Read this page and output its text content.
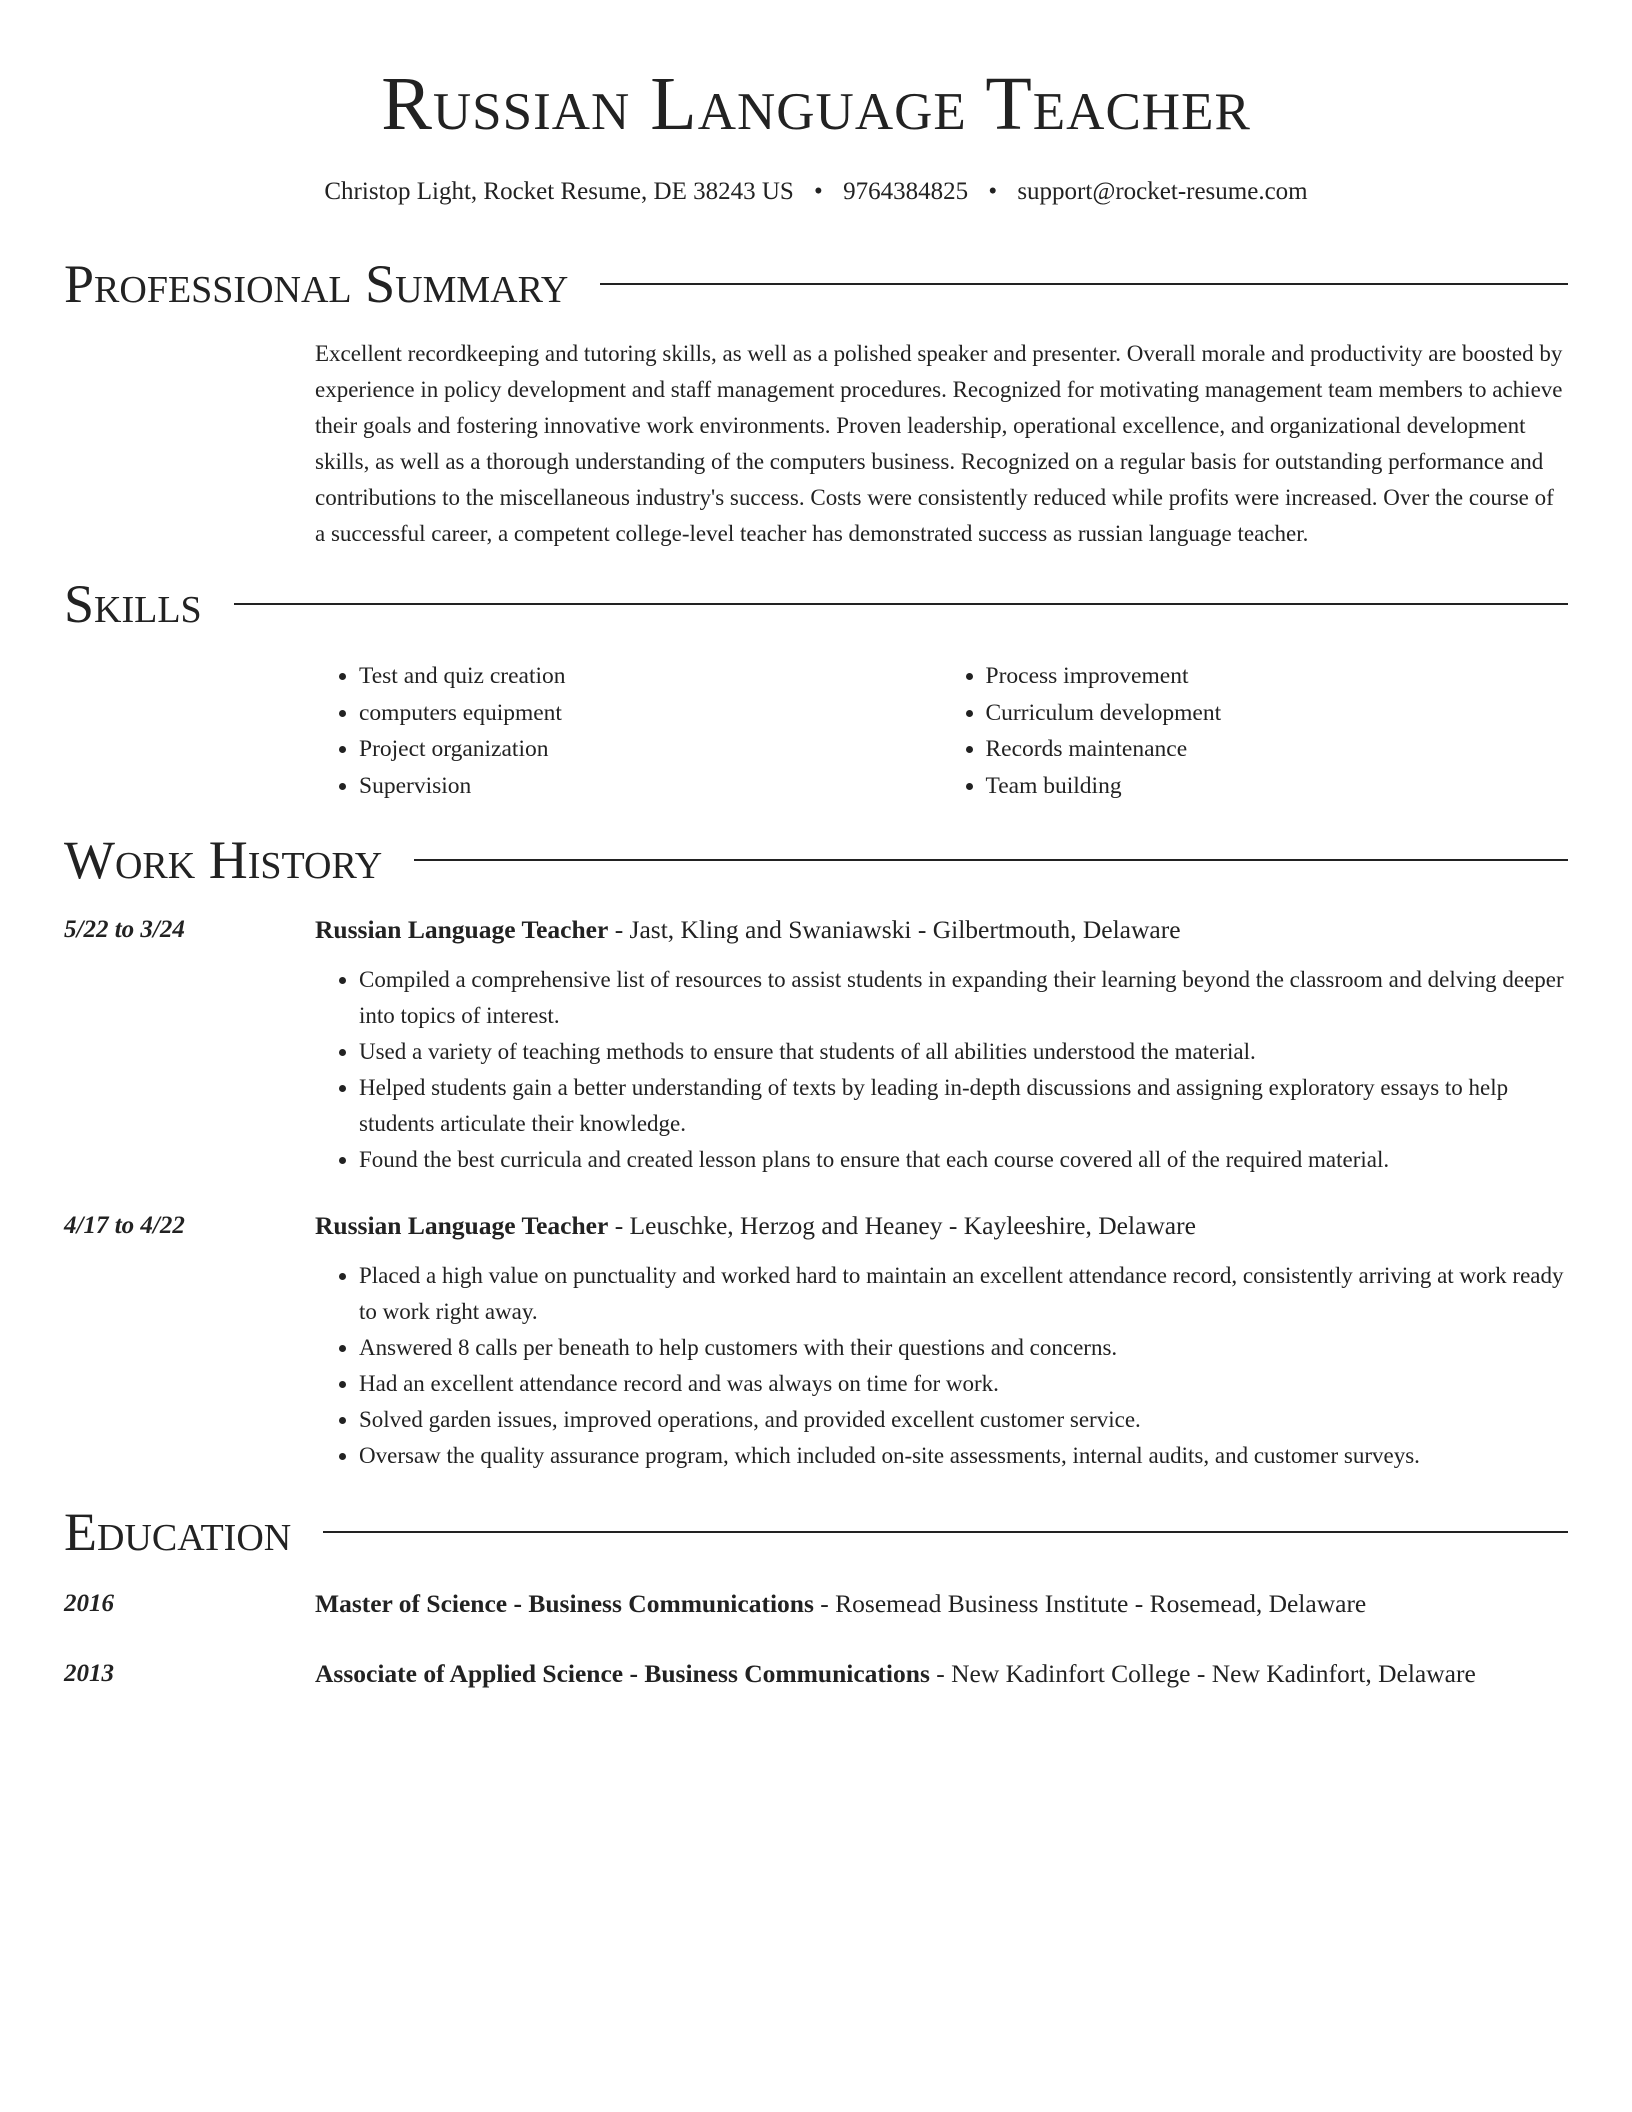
Russian Language Teacher
Christop Light, Rocket Resume, DE 38243 US • 9764384825 • support@rocket-resume.com
Professional Summary
Excellent recordkeeping and tutoring skills, as well as a polished speaker and presenter. Overall morale and productivity are boosted by experience in policy development and staff management procedures. Recognized for motivating management team members to achieve their goals and fostering innovative work environments. Proven leadership, operational excellence, and organizational development skills, as well as a thorough understanding of the computers business. Recognized on a regular basis for outstanding performance and contributions to the miscellaneous industry's success. Costs were consistently reduced while profits were increased. Over the course of a successful career, a competent college-level teacher has demonstrated success as russian language teacher.
Skills
• Test and quiz creation
• computers equipment
• Project organization
• Supervision
• Process improvement
• Curriculum development
• Records maintenance
• Team building
Work History
5/22 to 3/24	Russian Language Teacher - Jast, Kling and Swaniawski - Gilbertmouth, Delaware
• Compiled a comprehensive list of resources to assist students in expanding their learning beyond the classroom and delving deeper into topics of interest.
• Used a variety of teaching methods to ensure that students of all abilities understood the material.
• Helped students gain a better understanding of texts by leading in-depth discussions and assigning exploratory essays to help students articulate their knowledge.
• Found the best curricula and created lesson plans to ensure that each course covered all of the required material.
4/17 to 4/22	Russian Language Teacher - Leuschke, Herzog and Heaney - Kayleeshire, Delaware
• Placed a high value on punctuality and worked hard to maintain an excellent attendance record, consistently arriving at work ready to work right away.
• Answered 8 calls per beneath to help customers with their questions and concerns.
• Had an excellent attendance record and was always on time for work.
• Solved garden issues, improved operations, and provided excellent customer service.
• Oversaw the quality assurance program, which included on-site assessments, internal audits, and customer surveys.
Education
2016	Master of Science - Business Communications - Rosemead Business Institute - Rosemead, Delaware
2013	Associate of Applied Science - Business Communications - New Kadinfort College - New Kadinfort, Delaware
